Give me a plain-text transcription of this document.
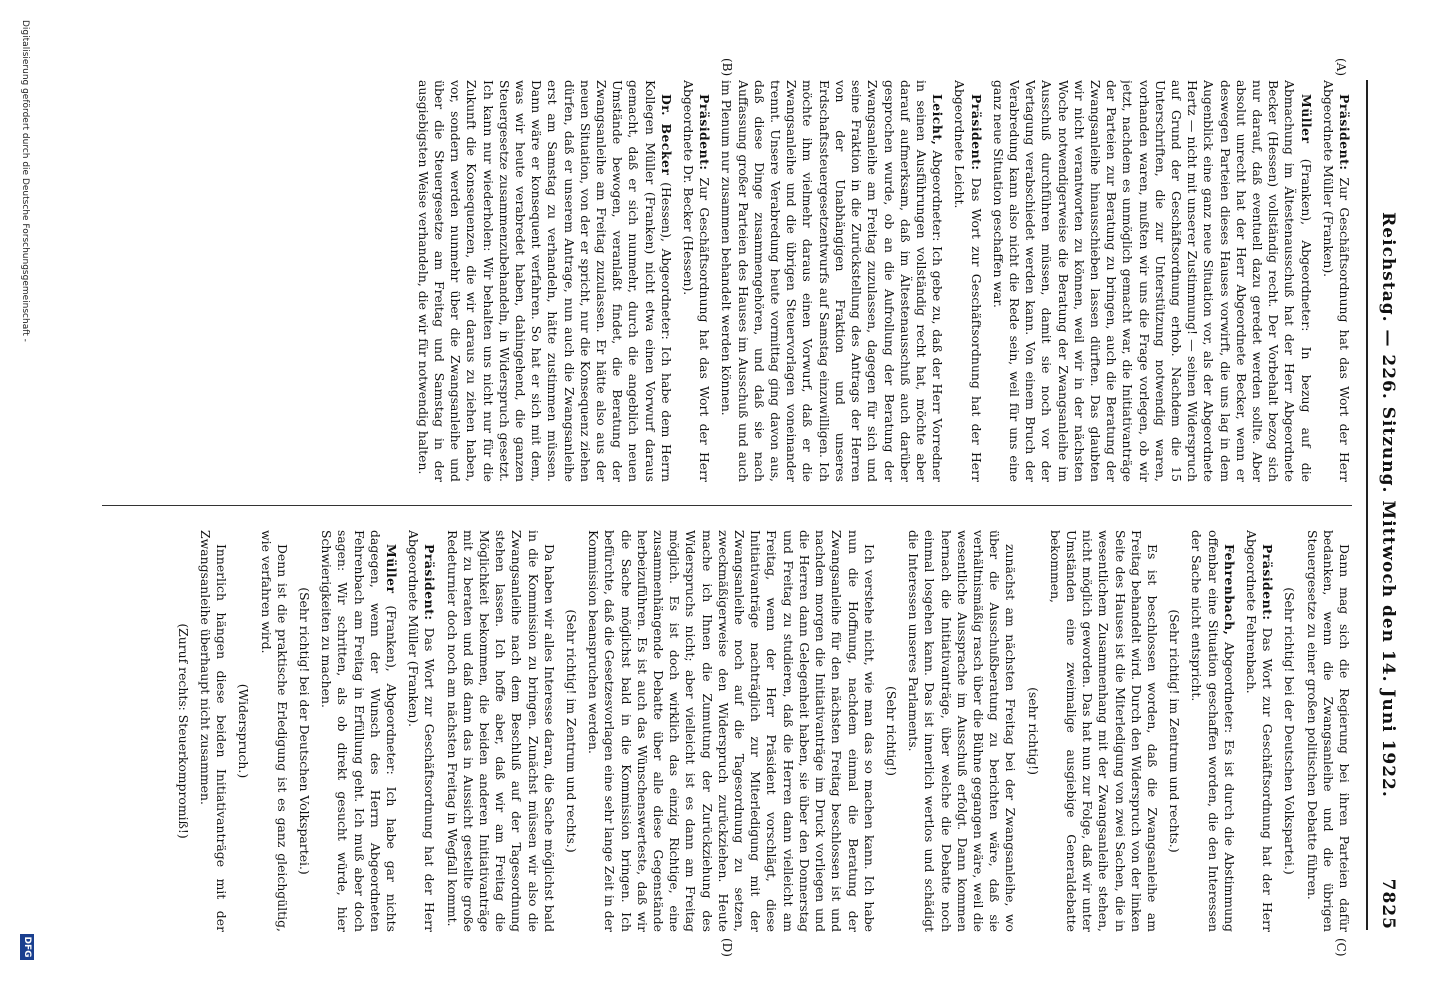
Reichstag. — 226. Sitzung. Mittwoch den 14. Juni 1922.
7825
(A)
(B)
(C)
(D)

Präsident: Zur Geschäftsordnung hat das Wort der Herr Abgeordnete Müller (Franken).

Müller (Franken), Abgeordneter: In bezug auf die Abmachung im Ältestenausschuß hat der Herr Abgeordnete Becker (Hessen) vollständig recht. Der Vorbehalt bezog sich nur darauf, daß eventuell dazu geredet werden sollte. Aber absolut unrecht hat der Herr Abgeordnete Becker, wenn er deswegen Parteien dieses Hauses vorwirft, die uns lag in dem Augenblick eine ganz neue Situation vor, als der Abgeordnete Hertz — nicht mit unserer Zustimmung! — seinen Widerspruch auf Grund der Geschäftsordnung erhob. Nachdem die 15 Unterschriften, die zur Unterstützung notwendig waren, vorhanden waren, mußten wir uns die Frage vorlegen, ob wir jetzt, nachdem es unmöglich gemacht war, die Initiativanträge der Parteien zur Beratung zu bringen, auch die Beratung der Zwangsanleihe hinausschieben lassen dürften. Das glaubten wir nicht verantworten zu können, weil wir in der nächsten Woche notwendigerweise die Beratung der Zwangsanleihe im Ausschuß durchführen müssen, damit sie noch vor der Vertagung verabschiedet werden kann. Von einem Bruch der Verabredung kann also nicht die Rede sein, weil für uns eine ganz neue Situation geschaffen war.

Präsident: Das Wort zur Geschäftsordnung hat der Herr Abgeordnete Leicht.

Leicht, Abgeordneter: Ich gebe zu, daß der Herr Vorredner in seinen Ausführungen vollständig recht hat, möchte aber darauf aufmerksam, daß im Ältestenausschuß auch darüber gesprochen wurde, ob an die Aufrollung der Beratung der Zwangsanleihe am Freitag zuzulassen, dagegen für sich und seine Fraktion in die Zurückstellung des Antrags der Herren von der Unabhängigen Fraktion und unseres Erdschaftssteuergesetzentwurfs auf Samstag einzuwilligen. Ich möchte ihm vielmehr daraus einen Vorwurf, daß er die Zwangsanleihe und die übrigen Steuervorlagen voneinander trennt. Unsere Verabredung heute vormittag ging davon aus, daß diese Dinge zusammengehören, und daß sie nach Auffassung großer Parteien des Hauses im Ausschuß und auch im Plenum nur zusammen behandelt werden können.

Präsident: Zur Geschäftsordnung hat das Wort der Herr Abgeordnete Dr. Becker (Hessen).

Dr. Becker (Hessen), Abgeordneter: Ich habe dem Herrn Kollegen Müller (Franken) nicht etwa einen Vorwurf daraus gemacht, daß er sich nunmehr, durch die angeblich neuen Umstände bewogen, veranlaßt findet, die Beratung der Zwangsanleihe am Freitag zuzulassen. Er hätte also aus der neuen Situation, von der er spricht, nur die Konsequenz ziehen dürfen, daß er unserem Antrage, nun auch die Zwangsanleihe erst am Samstag zu verhandeln, hätte zustimmen müssen. Dann wäre er konsequent verfahren. So hat er sich mit dem, was wir heute verabredet haben, dahingehend, die ganzen Steuergesetze zusammenzubehandeln, in Widerspruch gesetzt. Ich kann nur wiederholen: Wir behalten uns nicht nur für die Zukunft die Konsequenzen, die wir daraus zu ziehen haben, vor, sondern werden nunmehr über die Zwangsanleihe und über die Steuergesetze am Freitag und Samstag in der ausgiebigsten Weise verhandeln, die wir für notwendig halten.

Dann mag sich die Regierung bei ihren Parteien dafür bedanken, wenn die Zwangsanleihe und die übrigen Steuergesetze zu einer großen politischen Debatte führen.

(Sehr richtig! bei der Deutschen Volkspartei.)

Präsident: Das Wort zur Geschäftsordnung hat der Herr Abgeordnete Fehrenbach.

Fehrenbach, Abgeordneter: Es ist durch die Abstimmung offenbar eine Situation geschaffen worden, die den Interessen der Sache nicht entspricht.

(Sehr richtig! im Zentrum und rechts.)

Es ist beschlossen worden, daß die Zwangsanleihe am Freitag behandelt wird. Durch den Widerspruch von der linken Seite des Hauses ist die Miterledigung von zwei Sachen, die in wesentlichem Zusammenhang mit der Zwangsanleihe stehen, nicht möglich geworden. Das hat nun zur Folge, daß wir unter Umständen eine zweimalige ausgiebige Generaldebatte bekommen,

(sehr richtig!)

zunächst am nächsten Freitag bei der Zwangsanleihe, wo über die Ausschußberatung zu berichten wäre, daß sie verhältnismäßig rasch über die Bühne gegangen wäre, weil die wesentliche Aussprache im Ausschuß erfolgt. Dann kommen hernach die Initiativanträge, über welche die Debatte noch einmal losgehen kann. Das ist innerlich wertlos und schädigt die Interessen unseres Parlaments.

(Sehr richtig!)

Ich verstehe nicht, wie man das so machen kann. Ich habe nun die Hoffnung, nachdem einmal die Beratung der Zwangsanleihe für den nächsten Freitag beschlossen ist und nachdem morgen die Initiativanträge im Druck vorliegen und die Herren dann Gelegenheit haben, sie über den Donnerstag und Freitag zu studieren, daß die Herren dann vielleicht am Freitag, wenn der Herr Präsident vorschlägt, diese Initiativanträge nachträglich zur Miterledigung mit der Zwangsanleihe noch auf die Tagesordnung zu setzen, zweckmäßigerweise den Widerspruch zurückziehen. Heute mache ich Ihnen die Zumutung der Zurückziehung des Widerspruchs nicht; aber vielleicht ist es dann am Freitag möglich. Es ist doch wirklich das einzig Richtige, eine zusammenhängende Debatte über alle diese Gegenstände herbeizuführen. Es ist auch das Wünschenswerteste, daß wir die Sache möglichst bald in die Kommission bringen. Ich befürchte, daß die Gesetzesvorlagen eine sehr lange Zeit in der Kommission beanspruchen werden.

(Sehr richtig! im Zentrum und rechts.)

Da haben wir alles Interesse daran, die Sache möglichst bald in die Kommission zu bringen. Zunächst müssen wir also die Zwangsanleihe nach dem Beschluß auf der Tagesordnung stehen lassen. Ich hoffe aber, daß wir am Freitag die Möglichkeit bekommen, die beiden anderen Initiativanträge mit zu beraten und daß dann das in Aussicht gestellte große Redeturnier doch noch am nächsten Freitag in Wegfall kommt.

Präsident: Das Wort zur Geschäftsordnung hat der Herr Abgeordnete Müller (Franken).

Müller (Franken), Abgeordneter: Ich habe gar nichts dagegen, wenn der Wunsch des Herrn Abgeordneten Fehrenbach am Freitag in Erfüllung geht. Ich muß aber doch sagen: Wir schritten, als ob direkt gesucht würde, hier Schwierigkeiten zu machen.

(Sehr richtig! bei der Deutschen Volkspartei.)

Denn ist die praktische Erledigung ist es ganz gleichgültig, wie verfahren wird.

(Widerspruch.)

Innerlich hängen diese beiden Initiativanträge mit der Zwangsanleihe überhaupt nicht zusammen.

(Zuruf rechts: Steuerkompromiß!)

Digitalisierung gefördert durch die Deutsche Forschungsgemeinschaft -
DFG
